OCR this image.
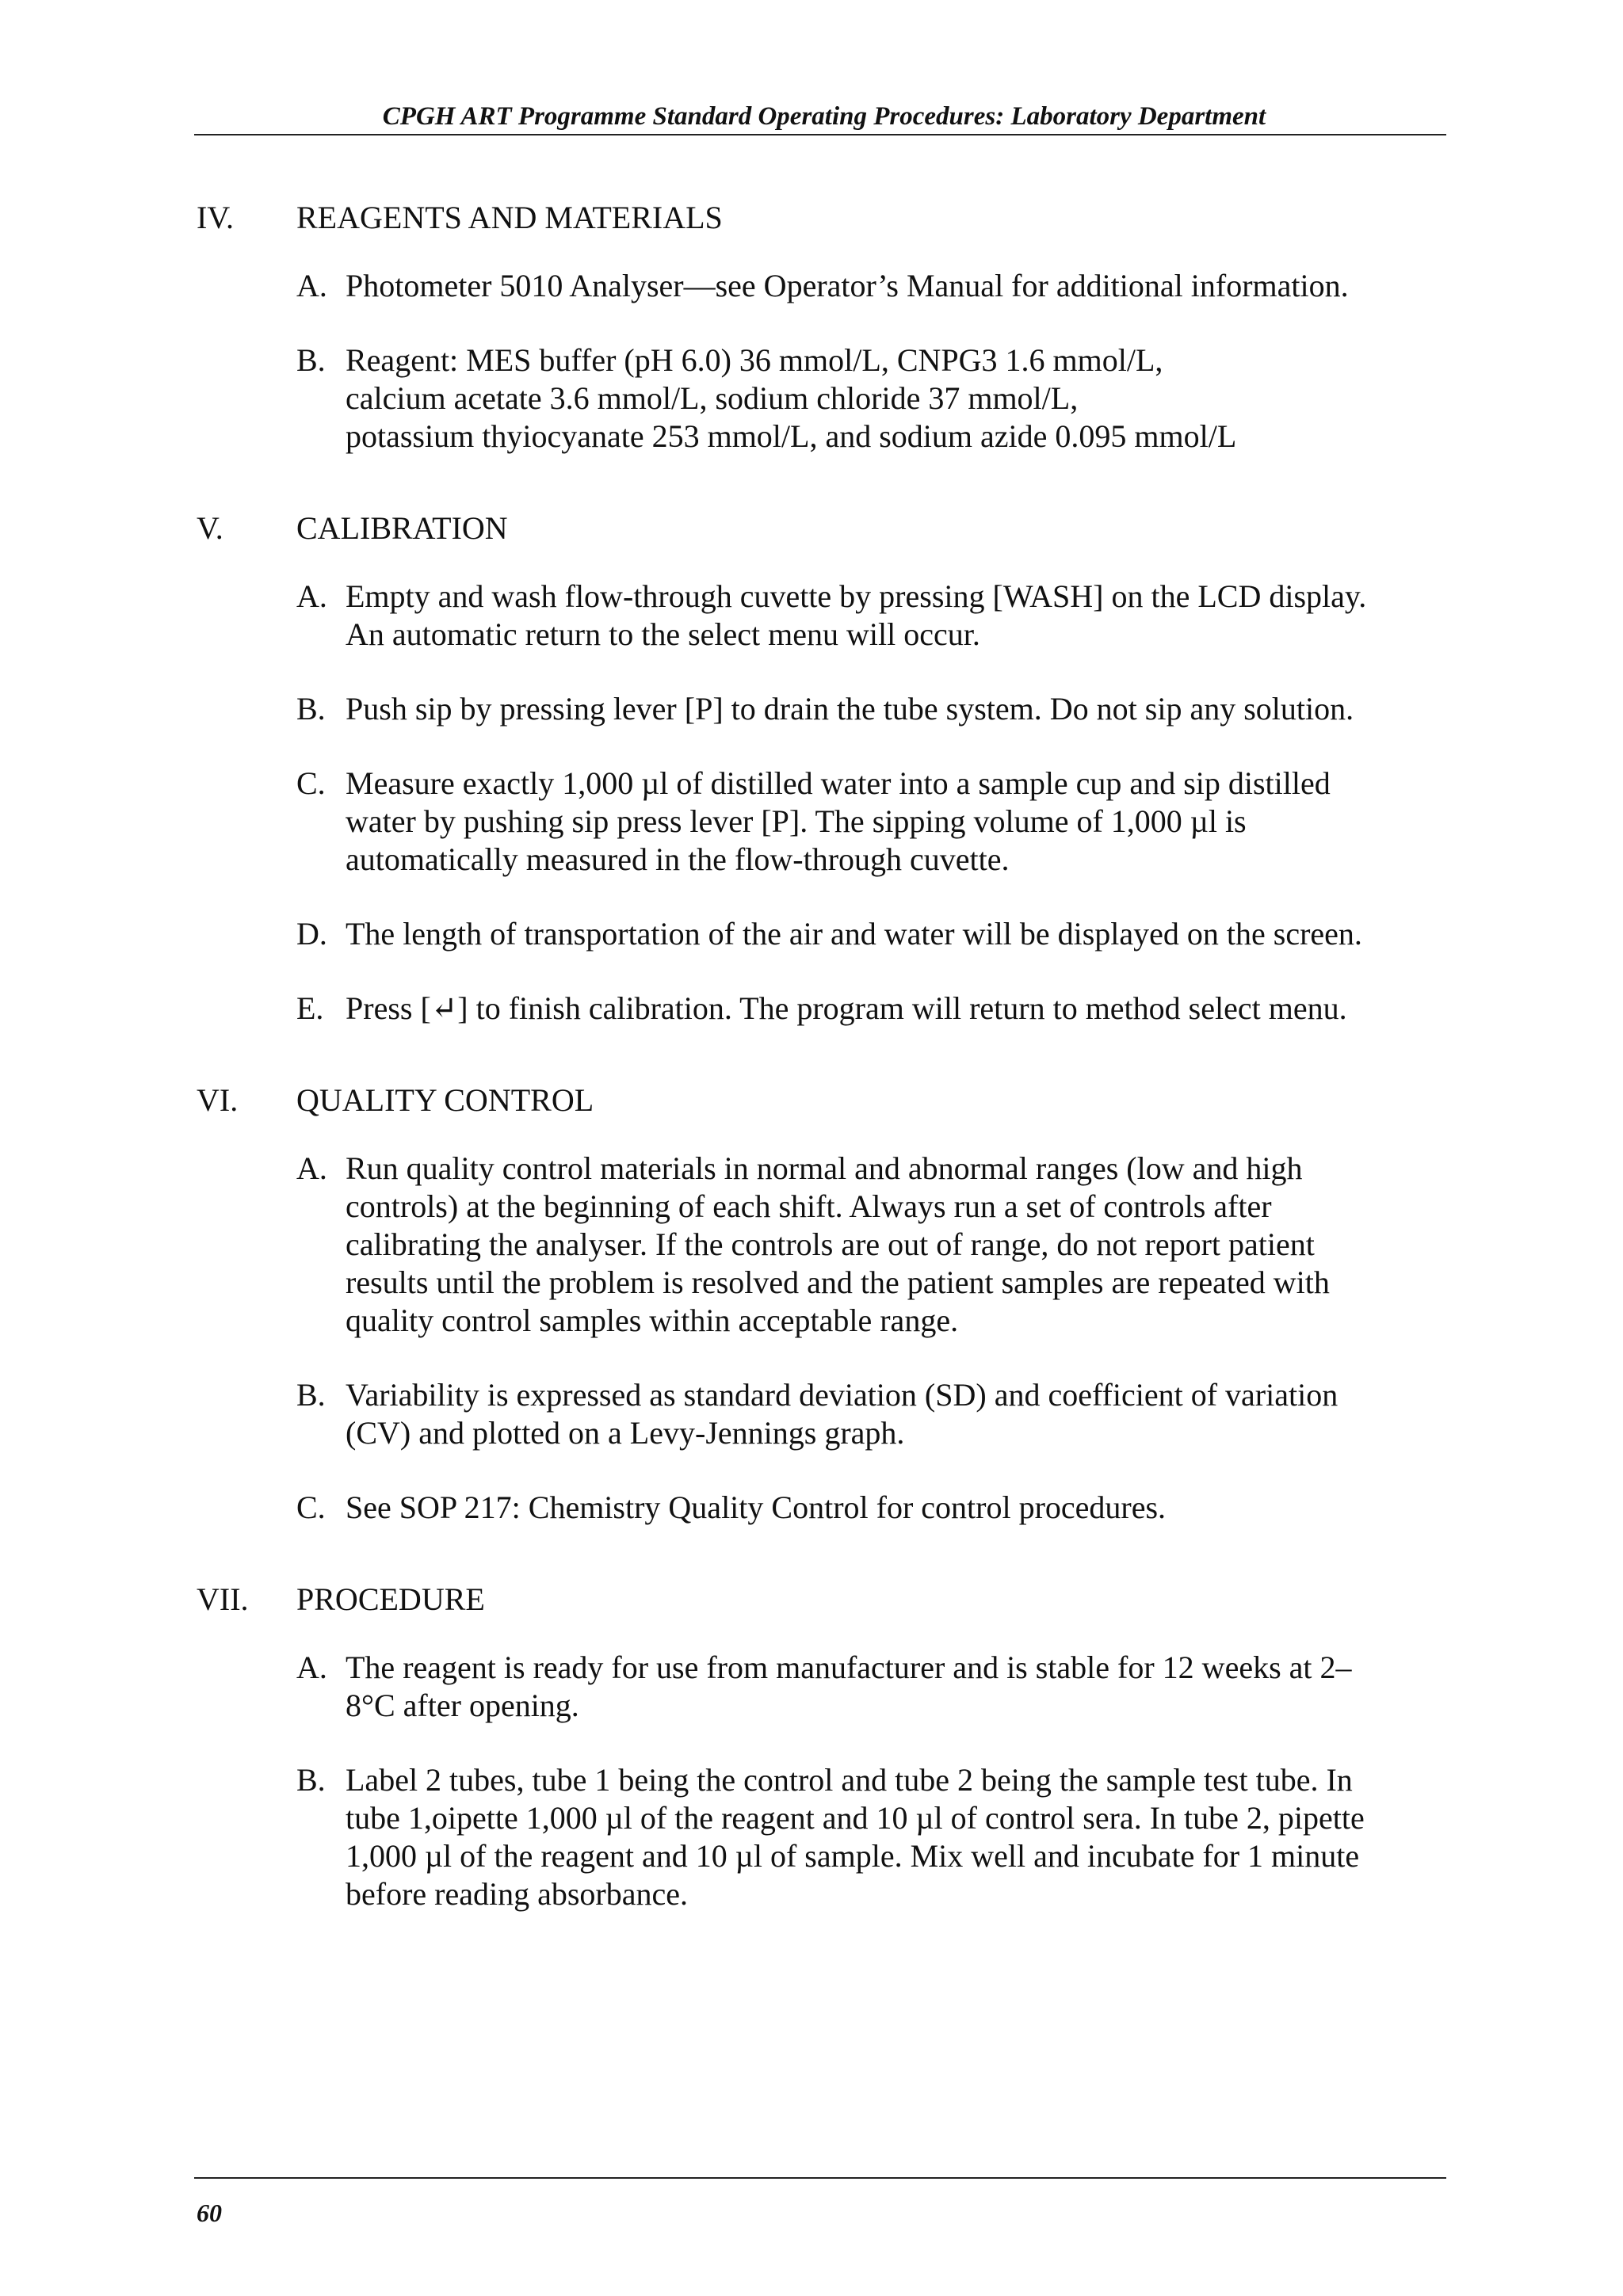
CPGH ART Programme Standard Operating Procedures: Laboratory Department
IV.	REAGENTS AND MATERIALS
A. Photometer 5010 Analyser—see Operator’s Manual for additional information.
B. Reagent: MES buffer (pH 6.0) 36 mmol/L, CNPG3 1.6 mmol/L,
calcium acetate 3.6 mmol/L, sodium chloride 37 mmol/L,
potassium thyiocyanate 253 mmol/L, and sodium azide 0.095 mmol/L
V.	CALIBRATION
A. Empty and wash flow-through cuvette by pressing [WASH] on the LCD display.
An automatic return to the select menu will occur.
B. Push sip by pressing lever [P] to drain the tube system. Do not sip any solution.
C. Measure exactly 1,000 µl of distilled water into a sample cup and sip distilled
water by pushing sip press lever [P]. The sipping volume of 1,000 µl is
automatically measured in the flow-through cuvette.
D. The length of transportation of the air and water will be displayed on the screen.
E. Press [↵] to finish calibration. The program will return to method select menu.
VI.	QUALITY CONTROL
A. Run quality control materials in normal and abnormal ranges (low and high
controls) at the beginning of each shift. Always run a set of controls after
calibrating the analyser. If the controls are out of range, do not report patient
results until the problem is resolved and the patient samples are repeated with
quality control samples within acceptable range.
B. Variability is expressed as standard deviation (SD) and coefficient of variation
(CV) and plotted on a Levy-Jennings graph.
C. See SOP 217: Chemistry Quality Control for control procedures.
VII.	PROCEDURE
A. The reagent is ready for use from manufacturer and is stable for 12 weeks at 2–
8°C after opening.
B. Label 2 tubes, tube 1 being the control and tube 2 being the sample test tube. In
tube 1,oipette 1,000 µl of the reagent and 10 µl of control sera. In tube 2, pipette
1,000 µl of the reagent and 10 µl of sample. Mix well and incubate for 1 minute
before reading absorbance.
60
